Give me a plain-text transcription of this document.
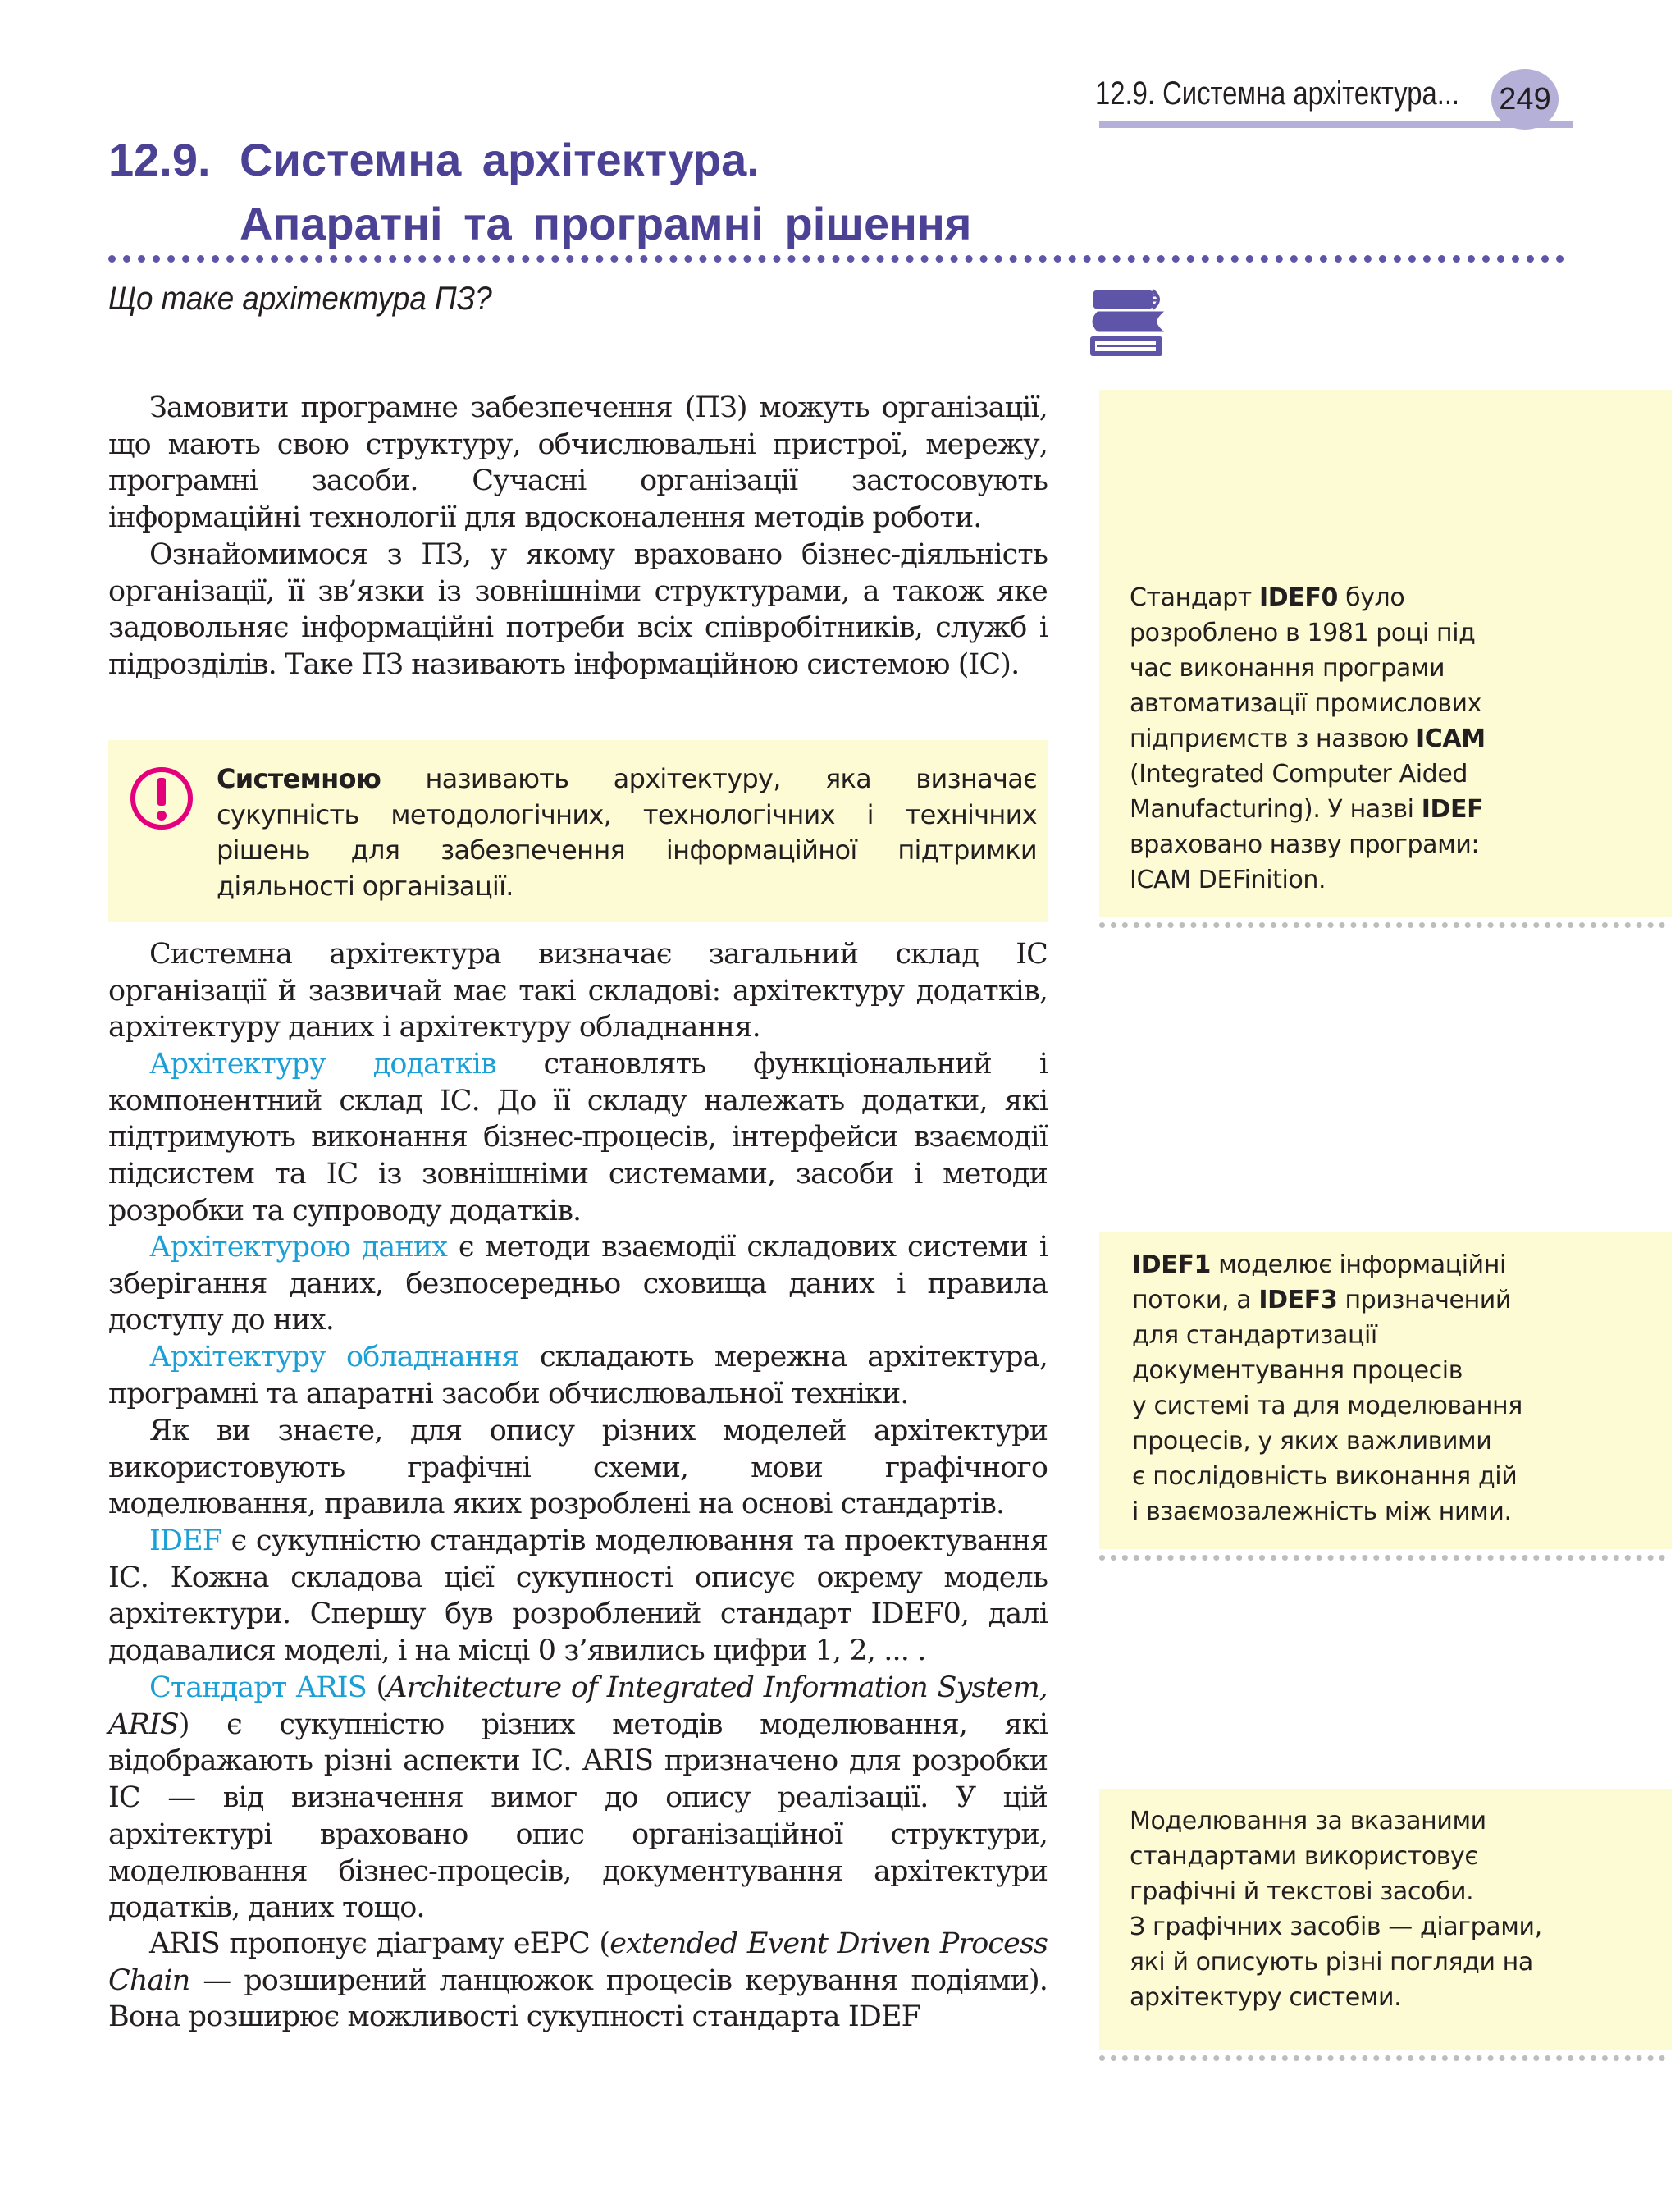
12.9. Системна архітектура... 249
12.9. Системна архітектура.
Апаратні та програмні рішення
Що таке архітектура ПЗ?

Замовити програмне забезпечення (ПЗ) можуть організації, що мають свою структуру, обчислювальні пристрої, мережу, програмні засоби. Сучасні організації застосовують інформаційні технології для вдосконалення методів роботи.

Ознайомимося з ПЗ, у якому враховано бізнес-діяльність організації, її зв’язки із зовнішніми структурами, а також яке задовольняє інформаційні потреби всіх співробітників, служб і підрозділів. Таке ПЗ називають інформаційною системою (ІС).

Системною називають архітектуру, яка визначає сукупність методологічних, технологічних і технічних рішень для забезпечення інформаційної підтримки діяльності організації.

Системна архітектура визначає загальний склад ІС організації й зазвичай має такі складові: архітектуру додатків, архітектуру даних і архітектуру обладнання.

Архітектуру додатків становлять функціональний і компонентний склад ІС. До її складу належать додатки, які підтримують виконання бізнес-процесів, інтерфейси взаємодії підсистем та ІС із зовнішніми системами, засоби і методи розробки та супроводу додатків.

Архітектурою даних є методи взаємодії складових системи і зберігання даних, безпосередньо сховища даних і правила доступу до них.

Архітектуру обладнання складають мережна архітектура, програмні та апаратні засоби обчислювальної техніки.

Як ви знаєте, для опису різних моделей архітектури використовують графічні схеми, мови графічного моделювання, правила яких розроблені на основі стандартів.

IDEF є сукупністю стандартів моделювання та проектування ІС. Кожна складова цієї сукупності описує окрему модель архітектури. Спершу був розроблений стандарт IDEF0, далі додавалися моделі, і на місці 0 з’явились цифри 1, 2, ... .

Стандарт ARIS (Architecture of Integrated Information System, ARIS) є сукупністю різних методів моделювання, які відображають різні аспекти ІС. ARIS призначено для розробки ІС — від визначення вимог до опису реалізації. У цій архітектурі враховано опис організаційної структури, моделювання бізнес-процесів, документування архітектури додатків, даних тощо.

ARIS пропонує діаграму eEPC (extended Event Driven Process Chain — розширений ланцюжок процесів керування подіями). Вона розширює можливості сукупності стандарта IDEF

Стандарт IDEF0 було
розроблено в 1981 році під
час виконання програми
автоматизації промислових
підприємств з назвою ICAM
(Integrated Computer Aided
Manufacturing). У назві IDEF
враховано назву програми:
ICAM DEFinition.

IDEF1 моделює інформаційні
потоки, а IDEF3 призначений
для стандартизації
документування процесів
у системі та для моделювання
процесів, у яких важливими
є послідовність виконання дій
і взаємозалежність між ними.

Моделювання за вказаними
стандартами використовує
графічні й текстові засоби.
З графічних засобів — діаграми,
які й описують різні погляди на
архітектуру системи.
